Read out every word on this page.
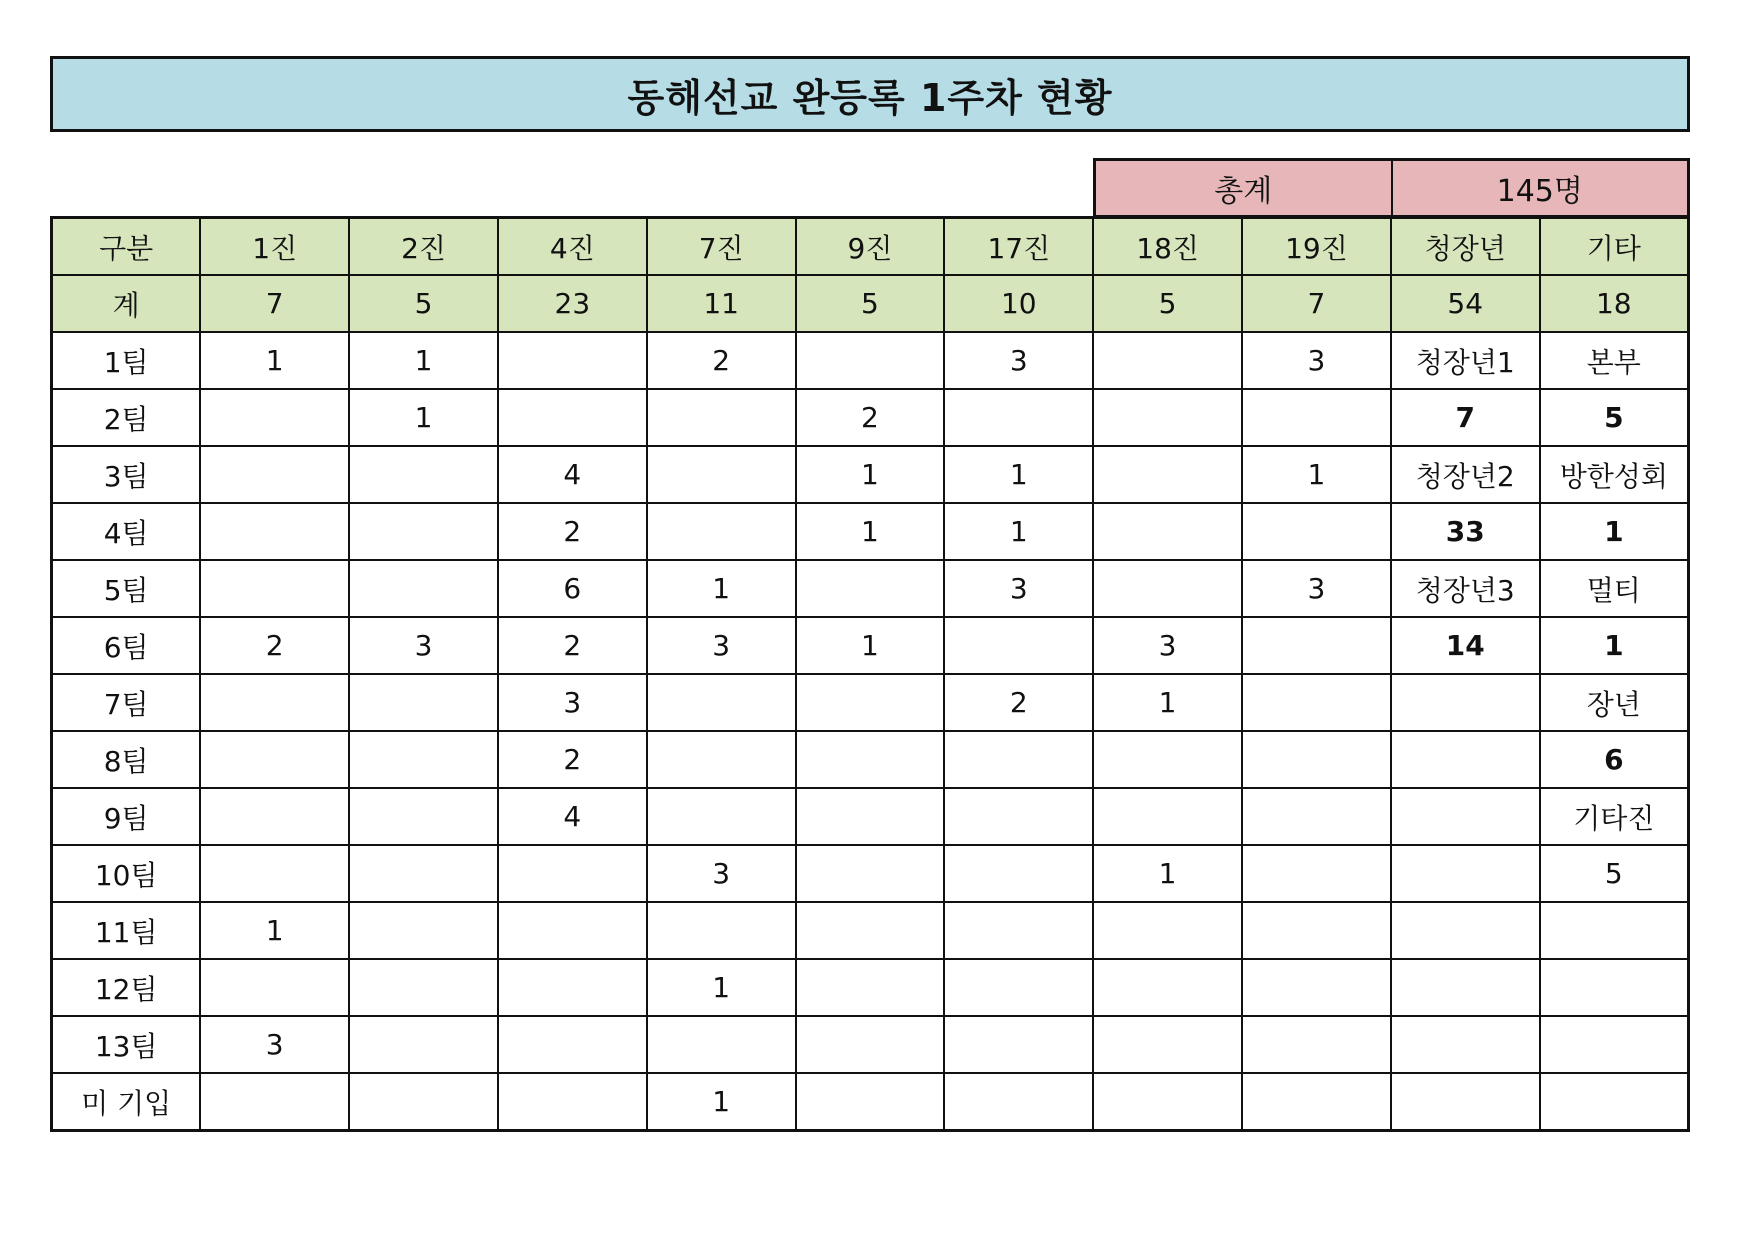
동해선교 완등록 1주차 현황
총계	145명
구분	1진	2진	4진	7진	9진	17진	18진	19진	청장년	기타
계	7	5	23	11	5	10	5	7	54	18
1팀	1	1		2		3		3	청장년1	본부
2팀		1			2				7	5
3팀			4		1	1		1	청장년2	방한성회
4팀			2		1	1			33	1
5팀			6	1		3		3	청장년3	멀티
6팀	2	3	2	3	1		3		14	1
7팀			3			2	1			장년
8팀			2							6
9팀			4							기타진
10팀				3			1			5
11팀	1									
12팀				1						
13팀	3									
미 기입				1						
